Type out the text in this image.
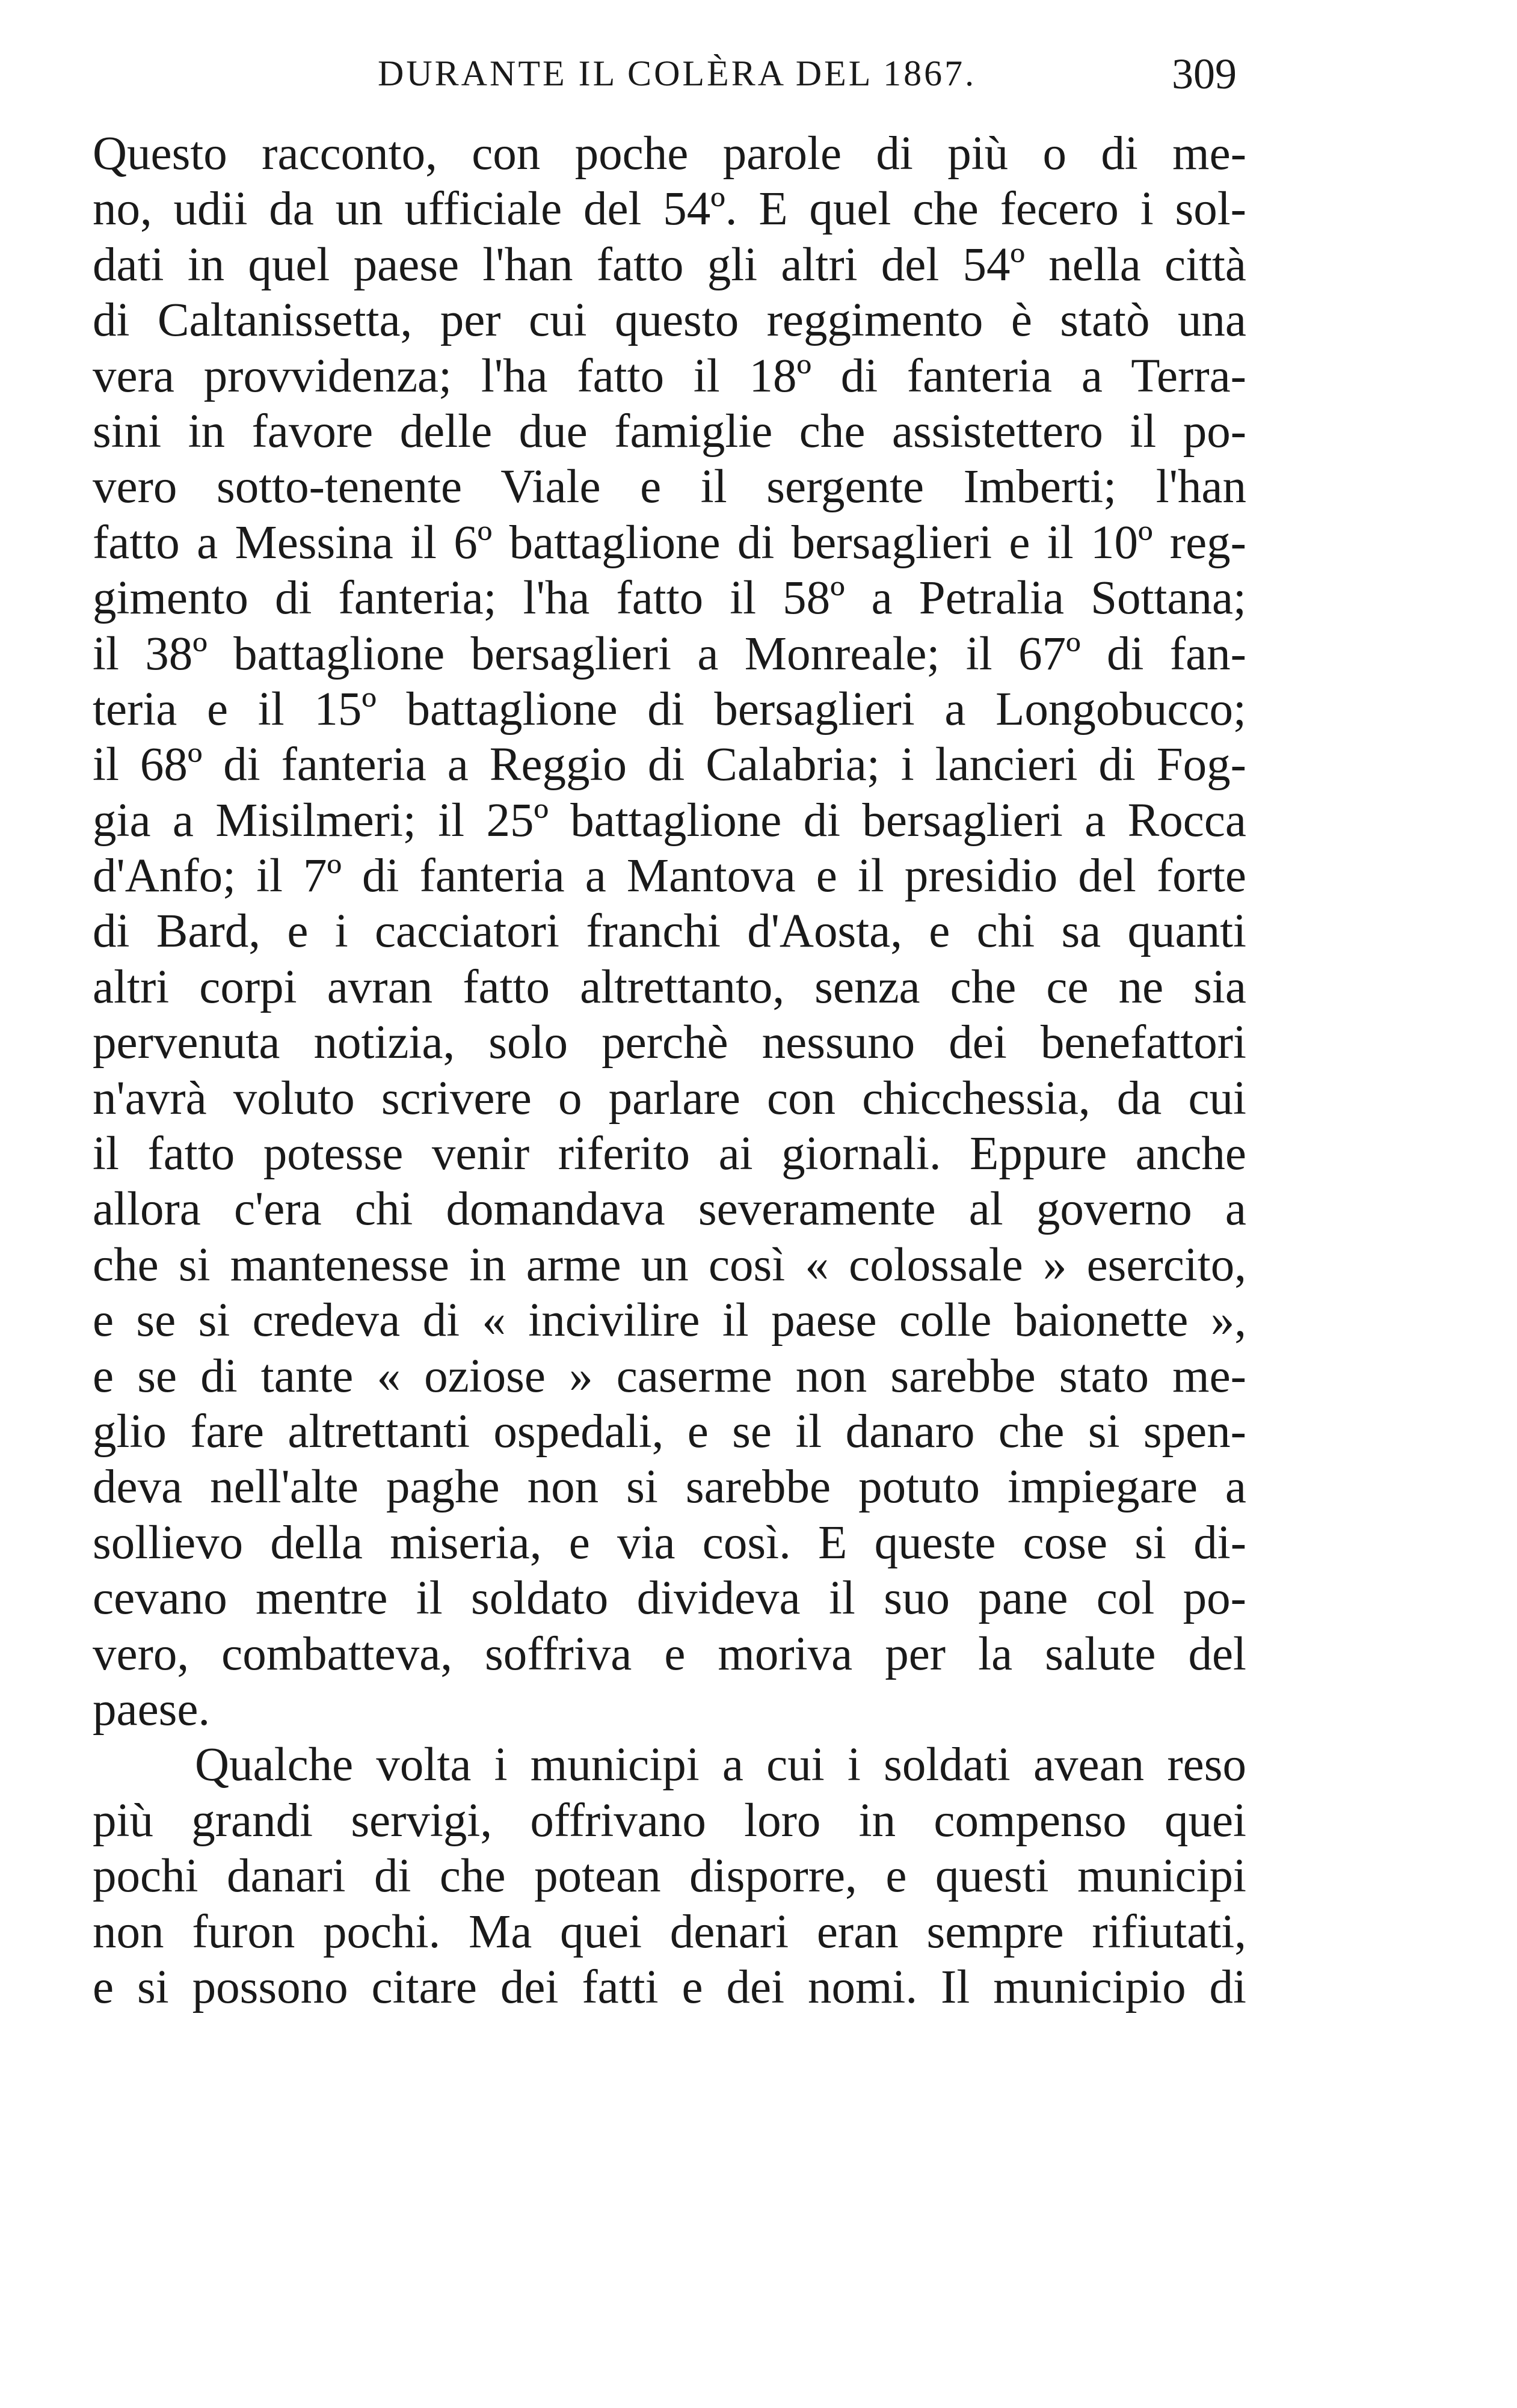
DURANTE IL COLÈRA DEL 1867.	309
Questo racconto, con poche parole di più o di me-
no, udii da un ufficiale del 54º. E quel che fecero i sol-
dati in quel paese l'han fatto gli altri del 54º nella città
di Caltanissetta, per cui questo reggimento è statò una
vera provvidenza; l'ha fatto il 18º di fanteria a Terra-
sini in favore delle due famiglie che assistettero il po-
vero sotto-tenente Viale e il sergente Imberti; l'han
fatto a Messina il 6º battaglione di bersaglieri e il 10º reg-
gimento di fanteria; l'ha fatto il 58º a Petralia Sottana;
il 38º battaglione bersaglieri a Monreale; il 67º di fan-
teria e il 15º battaglione di bersaglieri a Longobucco;
il 68º di fanteria a Reggio di Calabria; i lancieri di Fog-
gia a Misilmeri; il 25º battaglione di bersaglieri a Rocca
d'Anfo; il 7º di fanteria a Mantova e il presidio del forte
di Bard, e i cacciatori franchi d'Aosta, e chi sa quanti
altri corpi avran fatto altrettanto, senza che ce ne sia
pervenuta notizia, solo perchè nessuno dei benefattori
n'avrà voluto scrivere o parlare con chicchessia, da cui
il fatto potesse venir riferito ai giornali. Eppure anche
allora c'era chi domandava severamente al governo a
che si mantenesse in arme un così « colossale » esercito,
e se si credeva di « incivilire il paese colle baionette »,
e se di tante « oziose » caserme non sarebbe stato me-
glio fare altrettanti ospedali, e se il danaro che si spen-
deva nell'alte paghe non si sarebbe potuto impiegare a
sollievo della miseria, e via così. E queste cose si di-
cevano mentre il soldato divideva il suo pane col po-
vero, combatteva, soffriva e moriva per la salute del
paese.
Qualche volta i municipi a cui i soldati avean reso
più grandi servigi, offrivano loro in compenso quei
pochi danari di che potean disporre, e questi municipi
non furon pochi. Ma quei denari eran sempre rifiutati,
e si possono citare dei fatti e dei nomi. Il municipio di
